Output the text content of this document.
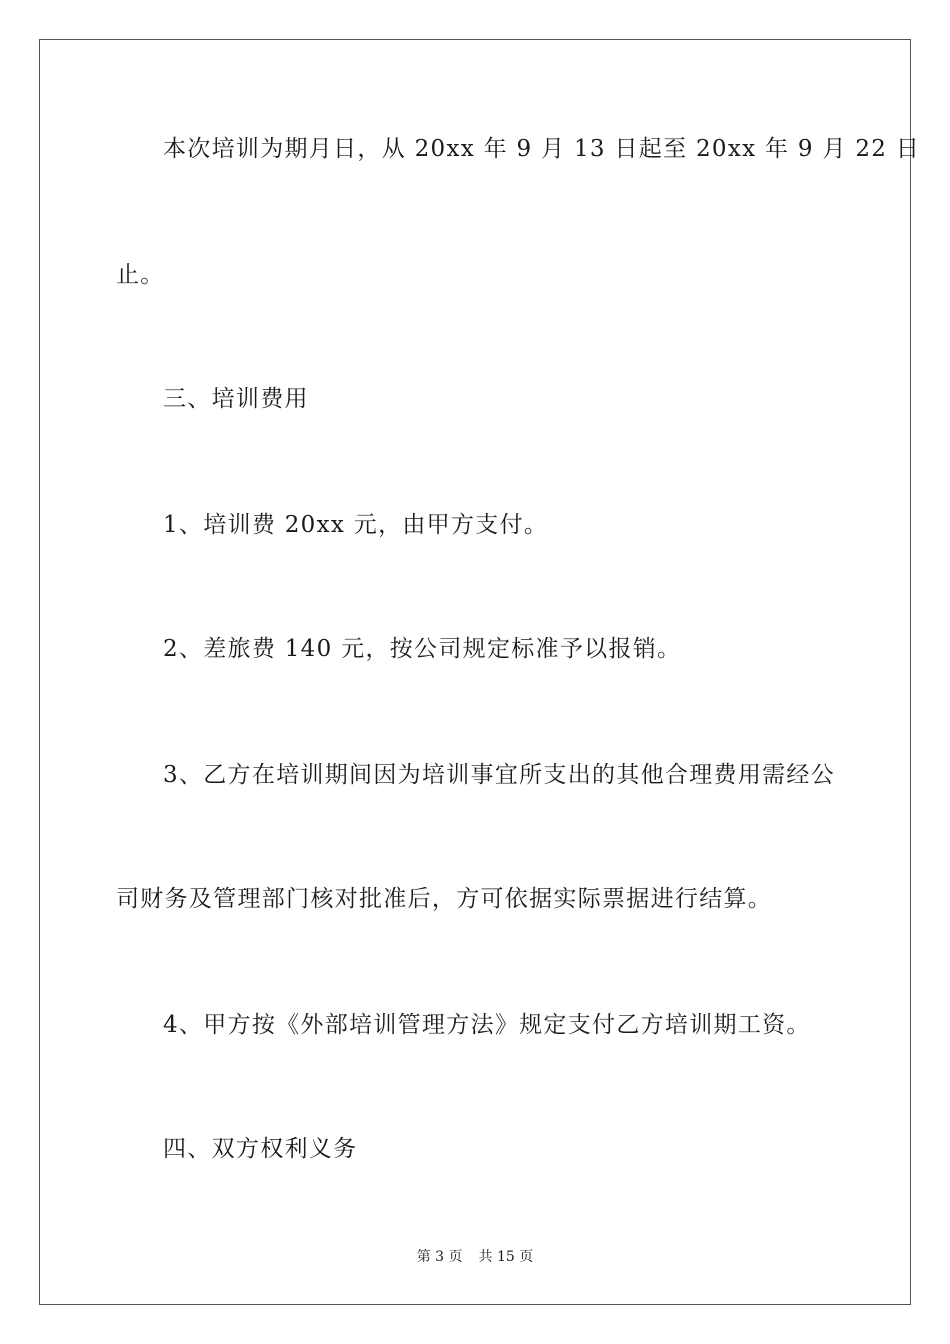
本次培训为期月日，从 20xx 年 9 月 13 日起至 20xx 年 9 月 22 日
止。
三、培训费用
1、培训费 20xx 元，由甲方支付。
2、差旅费 140 元，按公司规定标准予以报销。
3、乙方在培训期间因为培训事宜所支出的其他合理费用需经公
司财务及管理部门核对批准后，方可依据实际票据进行结算。
4、甲方按《外部培训管理方法》规定支付乙方培训期工资。
四、双方权利义务
第 3 页 共 15 页
